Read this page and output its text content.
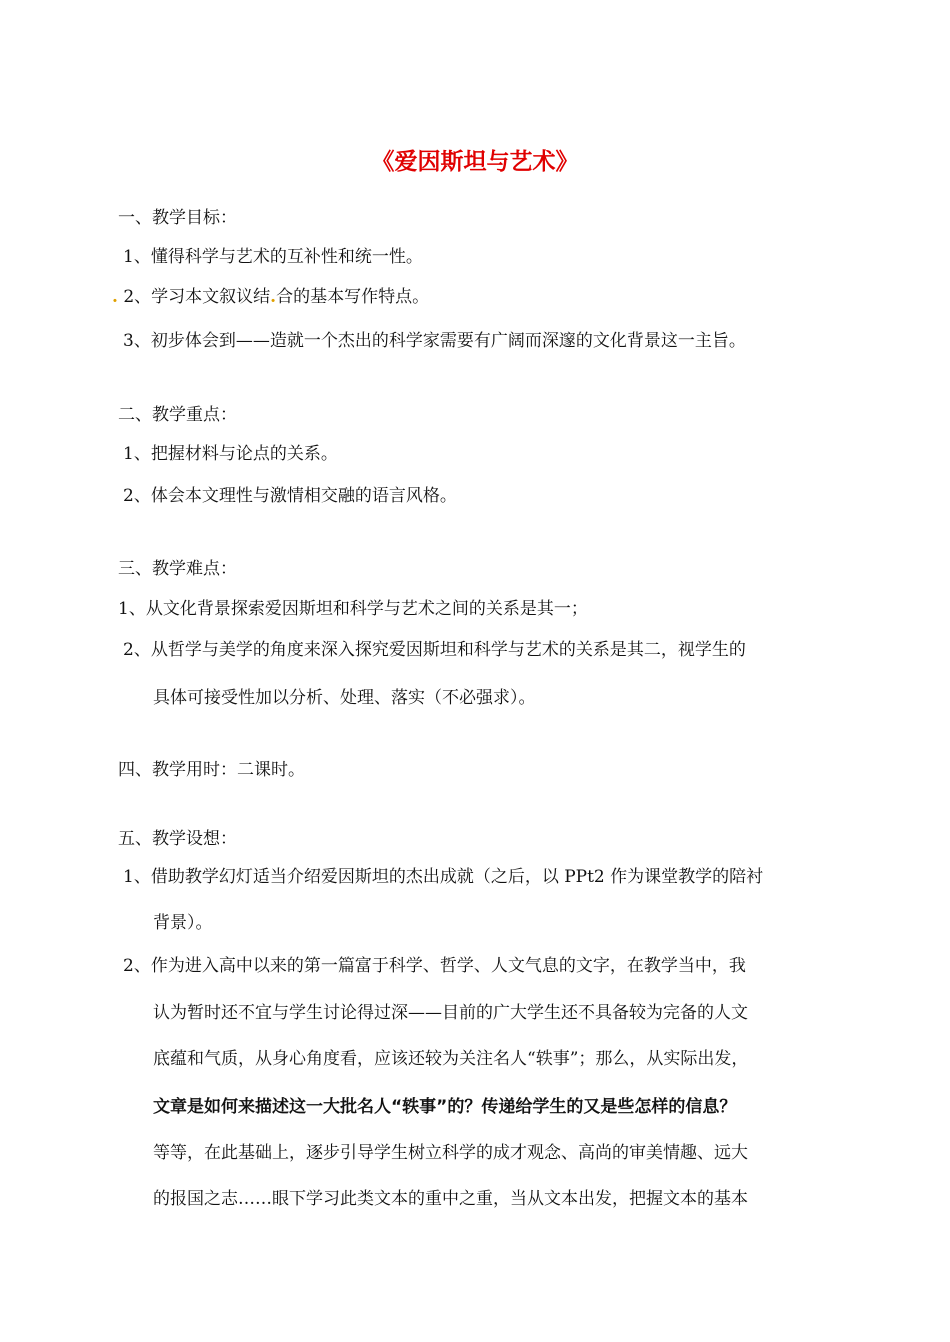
《爱因斯坦与艺术》
一、教学目标：
1、懂得科学与艺术的互补性和统一性。
. 2、学习本文叙议结.合的基本写作特点。
3、初步体会到——造就一个杰出的科学家需要有广阔而深邃的文化背景这一主旨。
二、教学重点：
1、把握材料与论点的关系。
2、体会本文理性与激情相交融的语言风格。
三、教学难点：
1、从文化背景探索爱因斯坦和科学与艺术之间的关系是其一；
2、从哲学与美学的角度来深入探究爱因斯坦和科学与艺术的关系是其二，视学生的
具体可接受性加以分析、处理、落实（不必强求）。
四、教学用时：二课时。
五、教学设想：
1、借助教学幻灯适当介绍爱因斯坦的杰出成就（之后，以 PPt2 作为课堂教学的陪衬
背景）。
2、作为进入高中以来的第一篇富于科学、哲学、人文气息的文字，在教学当中，我
认为暂时还不宜与学生讨论得过深——目前的广大学生还不具备较为完备的人文
底蕴和气质，从身心角度看，应该还较为关注名人“轶事”；那么，从实际出发，
文章是如何来描述这一大批名人“轶事”的？传递给学生的又是些怎样的信息？
等等，在此基础上，逐步引导学生树立科学的成才观念、高尚的审美情趣、远大
的报国之志……眼下学习此类文本的重中之重，当从文本出发，把握文本的基本
